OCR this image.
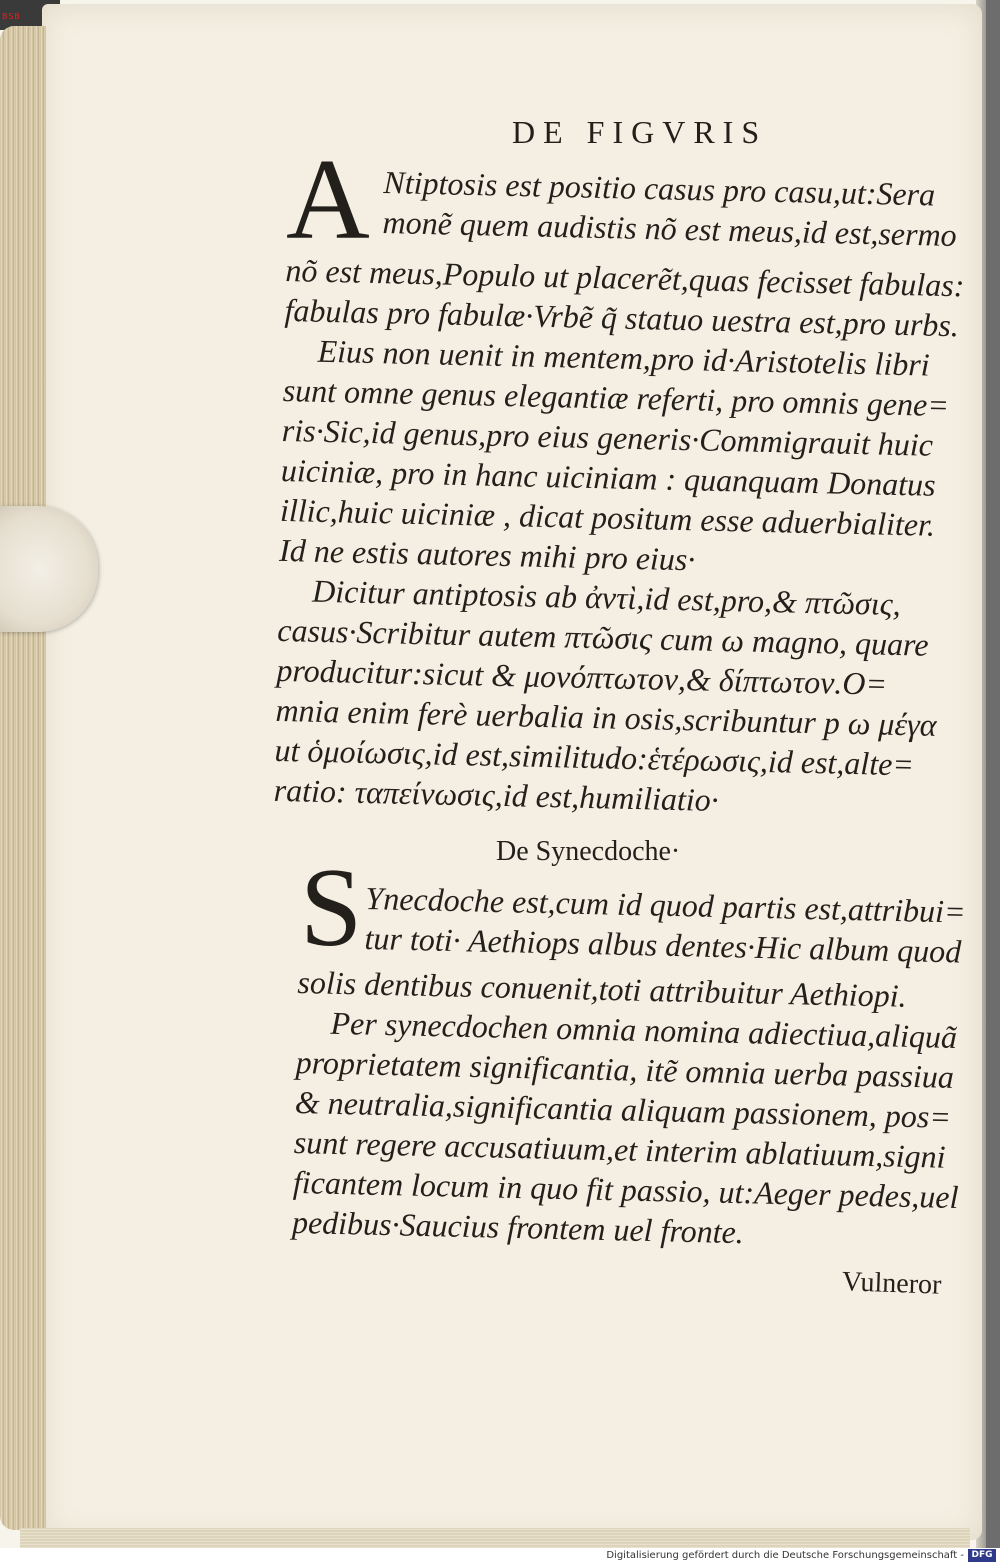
BSB
DE FIGVRIS
A Ntiptosis est positio casus pro casu,ut:Sera
monẽ quem audistis nõ est meus,id est,sermo
nõ est meus,Populo ut placerẽt,quas fecisset fabulas:
fabulas pro fabulæ·Vrbẽ q̃ statuo uestra est,pro urbs.
Eius non uenit in mentem,pro id·Aristotelis libri
sunt omne genus elegantiæ referti, pro omnis gene=
ris·Sic,id genus,pro eius generis·Commigrauit huic
uiciniæ, pro in hanc uiciniam : quanquam Donatus
illic,huic uiciniæ , dicat positum esse aduerbialiter.
Id ne estis autores mihi pro eius·
Dicitur antiptosis ab ἀντὶ,id est,pro,& πτῶσις,
casus·Scribitur autem πτῶσις cum ω magno, quare
producitur:sicut & μονόπτωτον,& δίπτωτον.O=
mnia enim ferè uerbalia in osis,scribuntur p ω μέγα
ut ὁμοίωσις,id est,similitudo:ἑτέρωσις,id est,alte=
ratio: ταπείνωσις,id est,humiliatio·
De Synecdoche·
S Ynecdoche est,cum id quod partis est,attribui=
tur toti· Aethiops albus dentes·Hic album quod
solis dentibus conuenit,toti attribuitur Aethiopi.
Per synecdochen omnia nomina adiectiua,aliquã
proprietatem significantia, itẽ omnia uerba passiua
& neutralia,significantia aliquam passionem, pos=
sunt regere accusatiuum,et interim ablatiuum,signi
ficantem locum in quo fit passio, ut:Aeger pedes,uel
pedibus·Saucius frontem uel fronte.
Vulneror
Digitalisierung gefördert durch die Deutsche Forschungsgemeinschaft - DFG
